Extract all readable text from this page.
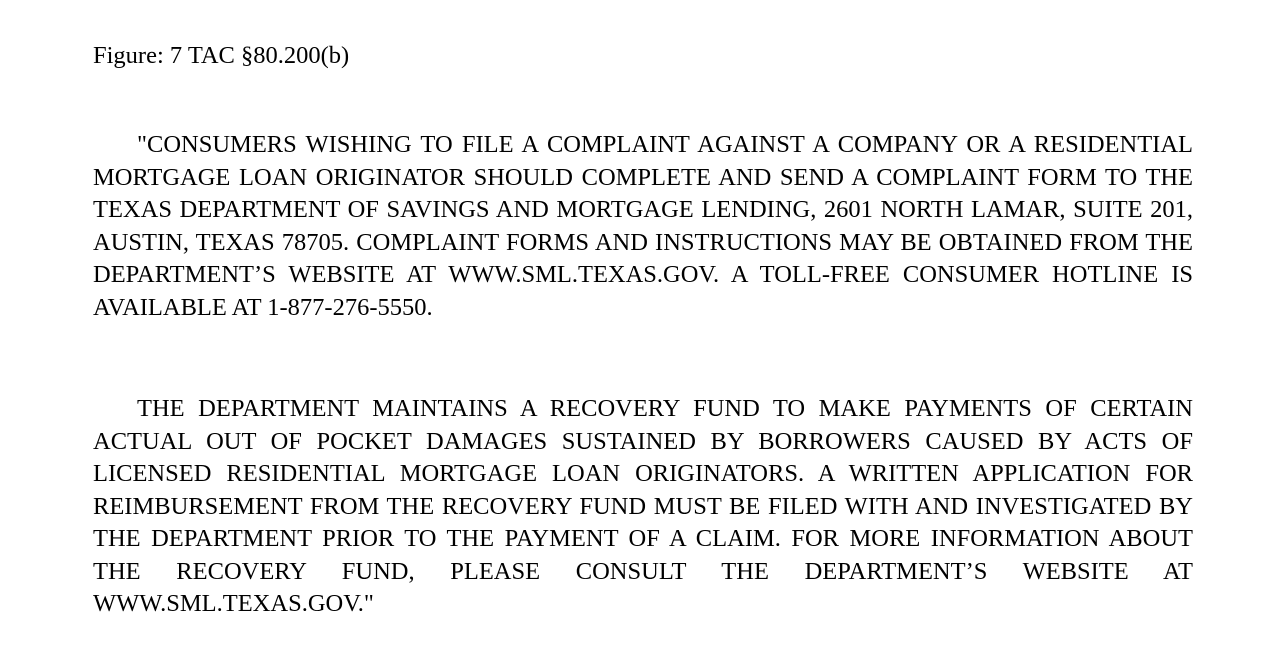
Figure: 7 TAC §80.200(b)

"CONSUMERS WISHING TO FILE A COMPLAINT AGAINST A COMPANY OR A RESIDENTIAL MORTGAGE LOAN ORIGINATOR SHOULD COMPLETE AND SEND A COMPLAINT FORM TO THE TEXAS DEPARTMENT OF SAVINGS AND MORTGAGE LENDING, 2601 NORTH LAMAR, SUITE 201, AUSTIN, TEXAS 78705. COMPLAINT FORMS AND INSTRUCTIONS MAY BE OBTAINED FROM THE DEPARTMENT’S WEBSITE AT WWW.SML.TEXAS.GOV. A TOLL-FREE CONSUMER HOTLINE IS AVAILABLE AT 1-877-276-5550.

THE DEPARTMENT MAINTAINS A RECOVERY FUND TO MAKE PAYMENTS OF CERTAIN ACTUAL OUT OF POCKET DAMAGES SUSTAINED BY BORROWERS CAUSED BY ACTS OF LICENSED RESIDENTIAL MORTGAGE LOAN ORIGINATORS. A WRITTEN APPLICATION FOR REIMBURSEMENT FROM THE RECOVERY FUND MUST BE FILED WITH AND INVESTIGATED BY THE DEPARTMENT PRIOR TO THE PAYMENT OF A CLAIM. FOR MORE INFORMATION ABOUT THE RECOVERY FUND, PLEASE CONSULT THE DEPARTMENT’S WEBSITE AT WWW.SML.TEXAS.GOV."
